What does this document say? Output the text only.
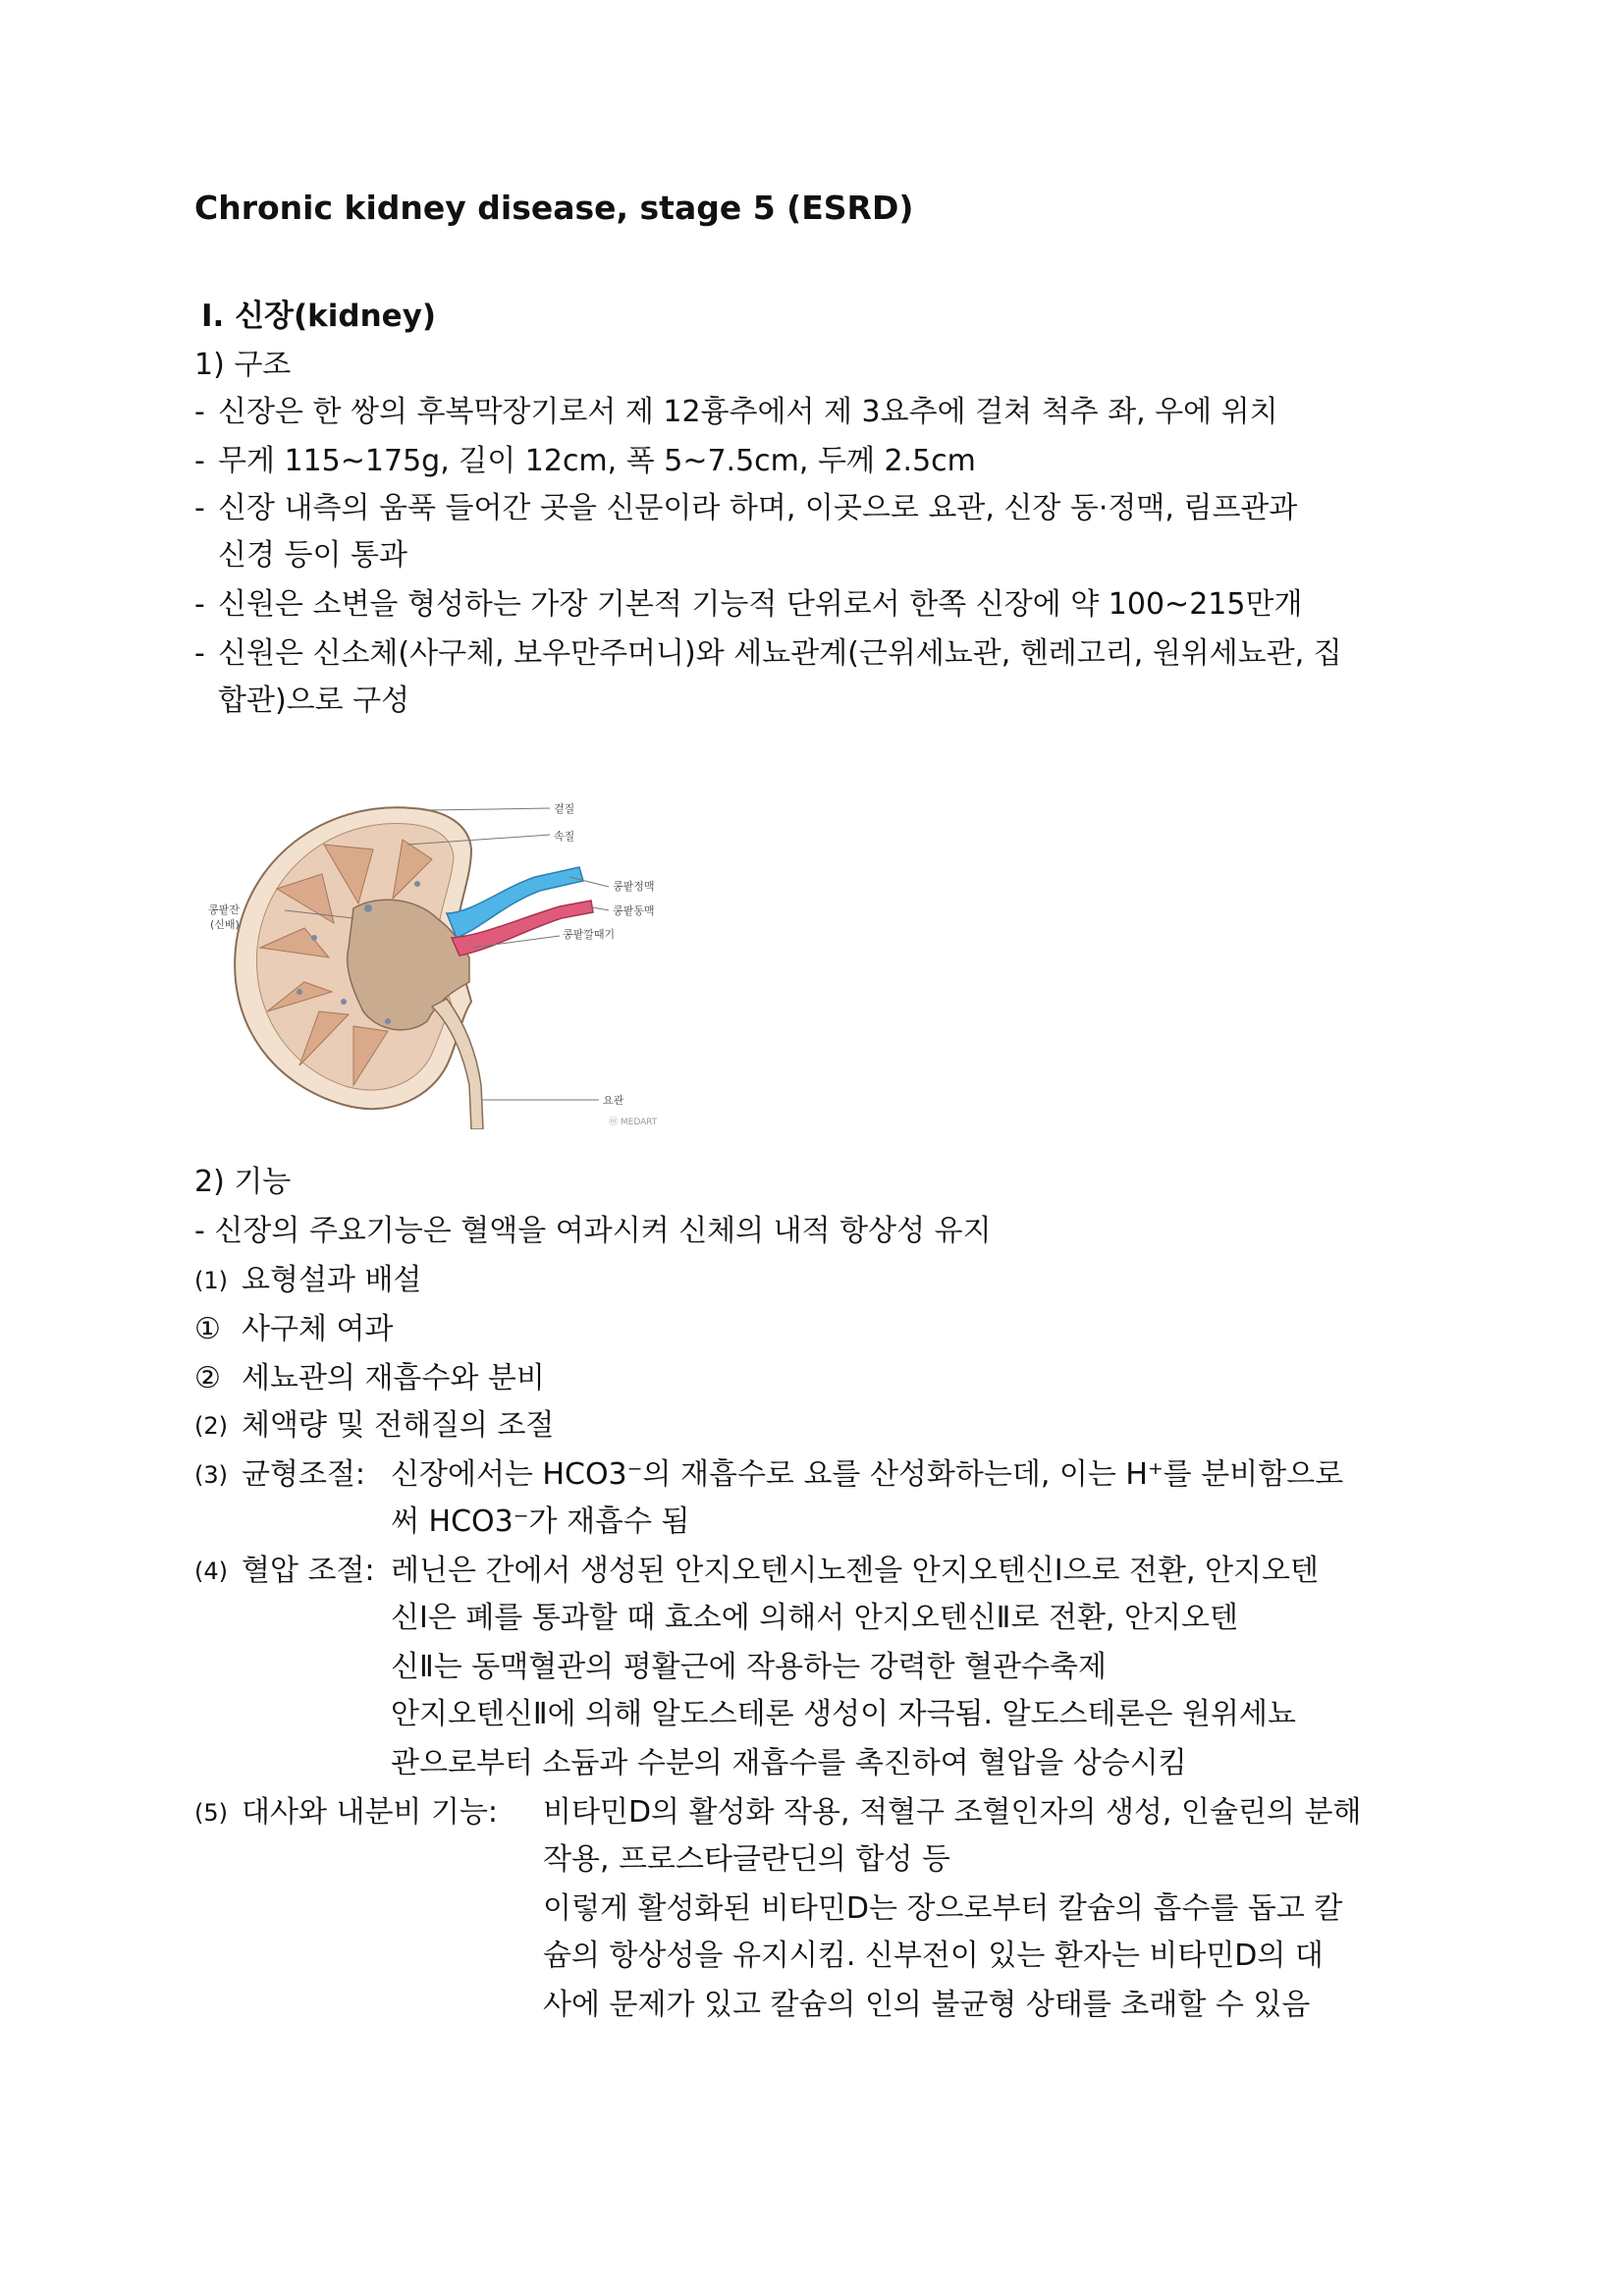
Chronic kidney disease, stage 5 (ESRD)
Ⅰ. 신장(kidney)
1) 구조
- 신장은 한 쌍의 후복막장기로서 제 12흉추에서 제 3요추에 걸쳐 척추 좌, 우에 위치
- 무게 115~175g, 길이 12cm, 폭 5~7.5cm, 두께 2.5cm
- 신장 내측의 움푹 들어간 곳을 신문이라 하며, 이곳으로 요관, 신장 동·정맥, 림프관과
신경 등이 통과
- 신원은 소변을 형성하는 가장 기본적 기능적 단위로서 한쪽 신장에 약 100~215만개
- 신원은 신소체(사구체, 보우만주머니)와 세뇨관계(근위세뇨관, 헨레고리, 원위세뇨관, 집
합관)으로 구성
겉질
속질
콩팥정맥
콩팥동맥
콩팥깔때기
콩팥잔
(신배)
요관
ⓜ MEDART
2) 기능
- 신장의 주요기능은 혈액을 여과시켜 신체의 내적 항상성 유지
(1) 요형설과 배설
① 사구체 여과
② 세뇨관의 재흡수와 분비
(2) 체액량 및 전해질의 조절
(3) 균형조절: 신장에서는 HCO3⁻의 재흡수로 요를 산성화하는데, 이는 H⁺를 분비함으로
써 HCO3⁻가 재흡수 됨
(4) 혈압 조절: 레닌은 간에서 생성된 안지오텐시노젠을 안지오텐신Ⅰ으로 전환, 안지오텐
신Ⅰ은 폐를 통과할 때 효소에 의해서 안지오텐신Ⅱ로 전환, 안지오텐
신Ⅱ는 동맥혈관의 평활근에 작용하는 강력한 혈관수축제
안지오텐신Ⅱ에 의해 알도스테론 생성이 자극됨. 알도스테론은 원위세뇨
관으로부터 소듐과 수분의 재흡수를 촉진하여 혈압을 상승시킴
(5) 대사와 내분비 기능: 비타민D의 활성화 작용, 적혈구 조혈인자의 생성, 인슐린의 분해
작용, 프로스타글란딘의 합성 등
이렇게 활성화된 비타민D는 장으로부터 칼슘의 흡수를 돕고 칼
슘의 항상성을 유지시킴. 신부전이 있는 환자는 비타민D의 대
사에 문제가 있고 칼슘의 인의 불균형 상태를 초래할 수 있음
